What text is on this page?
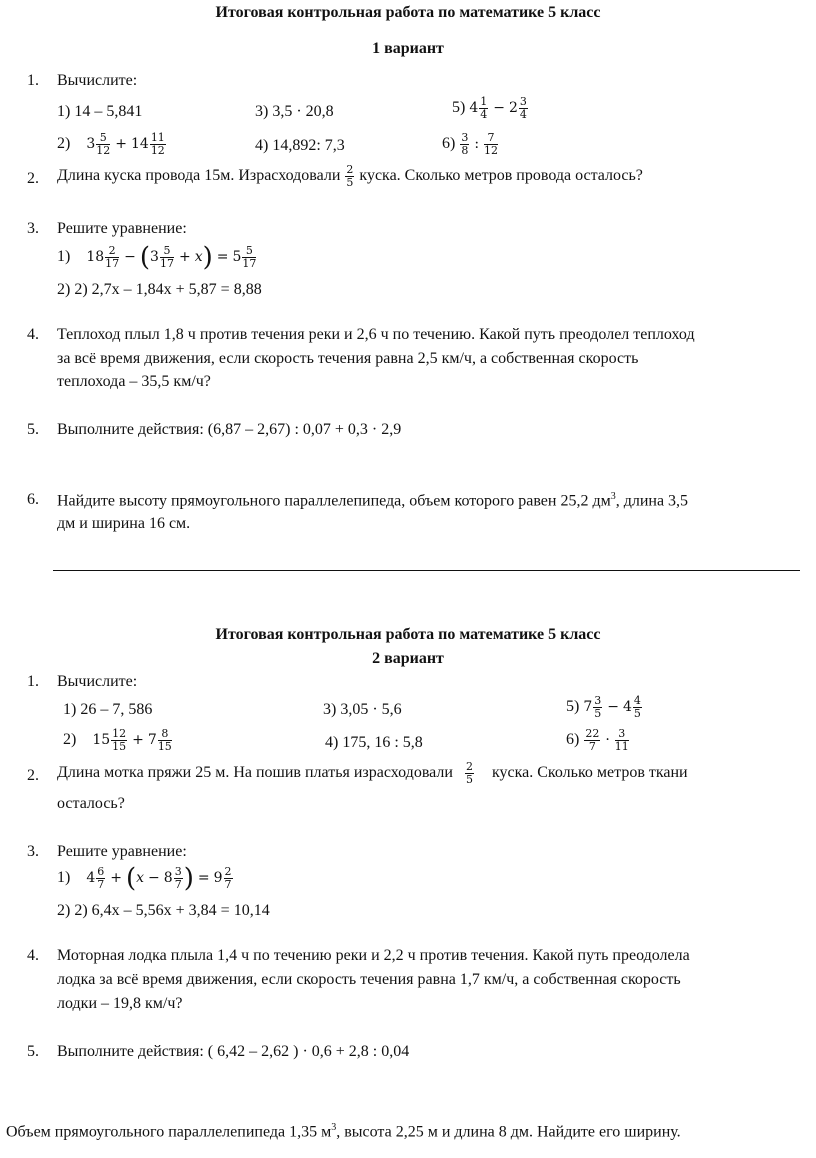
Итоговая контрольная работа по математике 5 класс
1 вариант
1. Вычислите:
1) 14 – 5,841	3) 3,5 · 20,8	5) $4 \frac{1}{4} - 2 \frac{3}{4}$
2) $3 \frac{5}{12} + 14 \frac{11}{12}$	4) 14,892: 7,3	$6) \frac{3}{8}$ : $\frac{7}{12}$
2. Длина куска провода 15м. Израсходовали $\frac{2}{5}$ куска. Сколько метров провода осталось?
3. Решите уравнение:
1) $18 \frac{2}{17} - (3 \frac{5}{17}$ + 𝑥) = $5 \frac{5}{17}$
2) 2) 2,7x – 1,84x + 5,87 = 8,88
4. Теплоход плыл 1,8 ч против течения реки и 2,6 ч по течению. Какой путь преодолел теплоход
за всё время движения, если скорость течения равна 2,5 км/ч, а собственная скорость
теплохода – 35,5 км/ч?
5. Выполните действия: (6,87 – 2,67) : 0,07 + 0,3 · 2,9
6. Найдите высоту прямоугольного параллелепипеда, объем которого равен 25,2 $дм^3$, длина 3,5
дм и ширина 16 см.
Итоговая контрольная работа по математике 5 класс
2 вариант
1. Вычислите:
1) 26 – 7, 586	3) 3,05 · 5,6	5) $7 \frac{3}{5} - 4 \frac{4}{5}$
2) $15 \frac{12}{15} + 7 \frac{8}{15}$	4) 175, 16 : 5,8	$6) \frac{22}{7} \cdot \frac{3}{11}$
2. Длина мотка пряжи 25 м. На пошив платья израсходовали $\frac{2}{5}$ куска. Сколько метров ткани
осталось?
3. Решите уравнение:
1) $4 \frac{6}{7}$ + (𝑥 − $8 \frac{3}{7}$ ) = $9 \frac{2}{7}$
2) 2) 6,4x – 5,56x + 3,84 = 10,14
4. Моторная лодка плыла 1,4 ч по течению реки и 2,2 ч против течения. Какой путь преодолела
лодка за всё время движения, если скорость течения равна 1,7 км/ч, а собственная скорость
лодки – 19,8 км/ч?
5. Выполните действия: ( 6,42 – 2,62 ) · 0,6 + 2,8 : 0,04
Объем прямоугольного параллелепипеда 1,35 $м^3$, высота 2,25 м и длина 8 дм. Найдите его ширину.
